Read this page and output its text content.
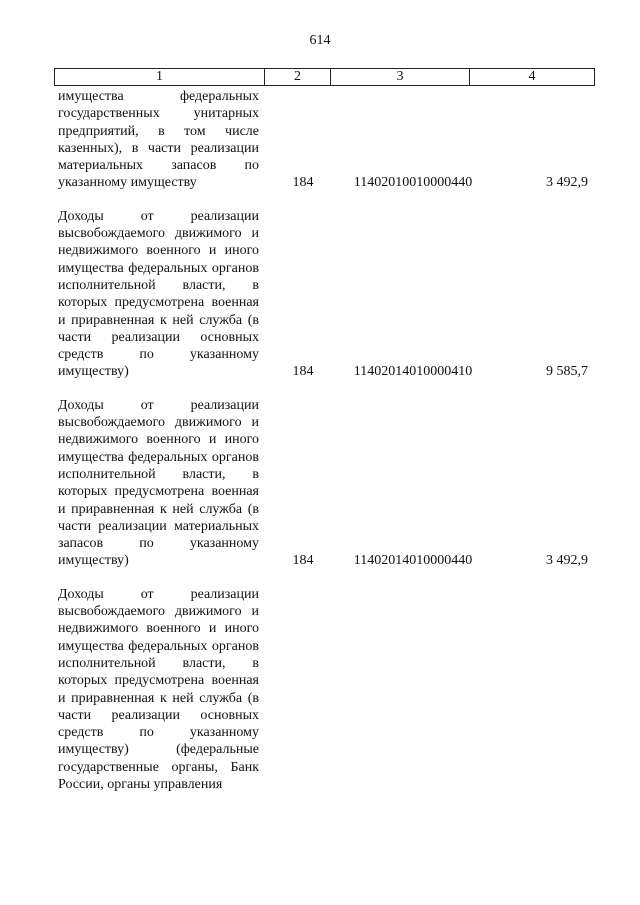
614
1	2	3	4
имущества федеральных государственных унитарных предприятий, в том числе казенных), в части реализации материальных запасов по указанному имуществу	184	11402010010000440	3 492,9
Доходы от реализации высвобождаемого движимого и недвижимого военного и иного имущества федеральных органов исполнительной власти, в которых предусмотрена военная и приравненная к ней служба (в части реализации основных средств по указанному имуществу)	184	11402014010000410	9 585,7
Доходы от реализации высвобождаемого движимого и недвижимого военного и иного имущества федеральных органов исполнительной власти, в которых предусмотрена военная и приравненная к ней служба (в части реализации материальных запасов по указанному имуществу)	184	11402014010000440	3 492,9
Доходы от реализации высвобождаемого движимого и недвижимого военного и иного имущества федеральных органов исполнительной власти, в которых предусмотрена военная и приравненная к ней служба (в части реализации основных средств по указанному имуществу) (федеральные государственные органы, Банк России, органы управления
